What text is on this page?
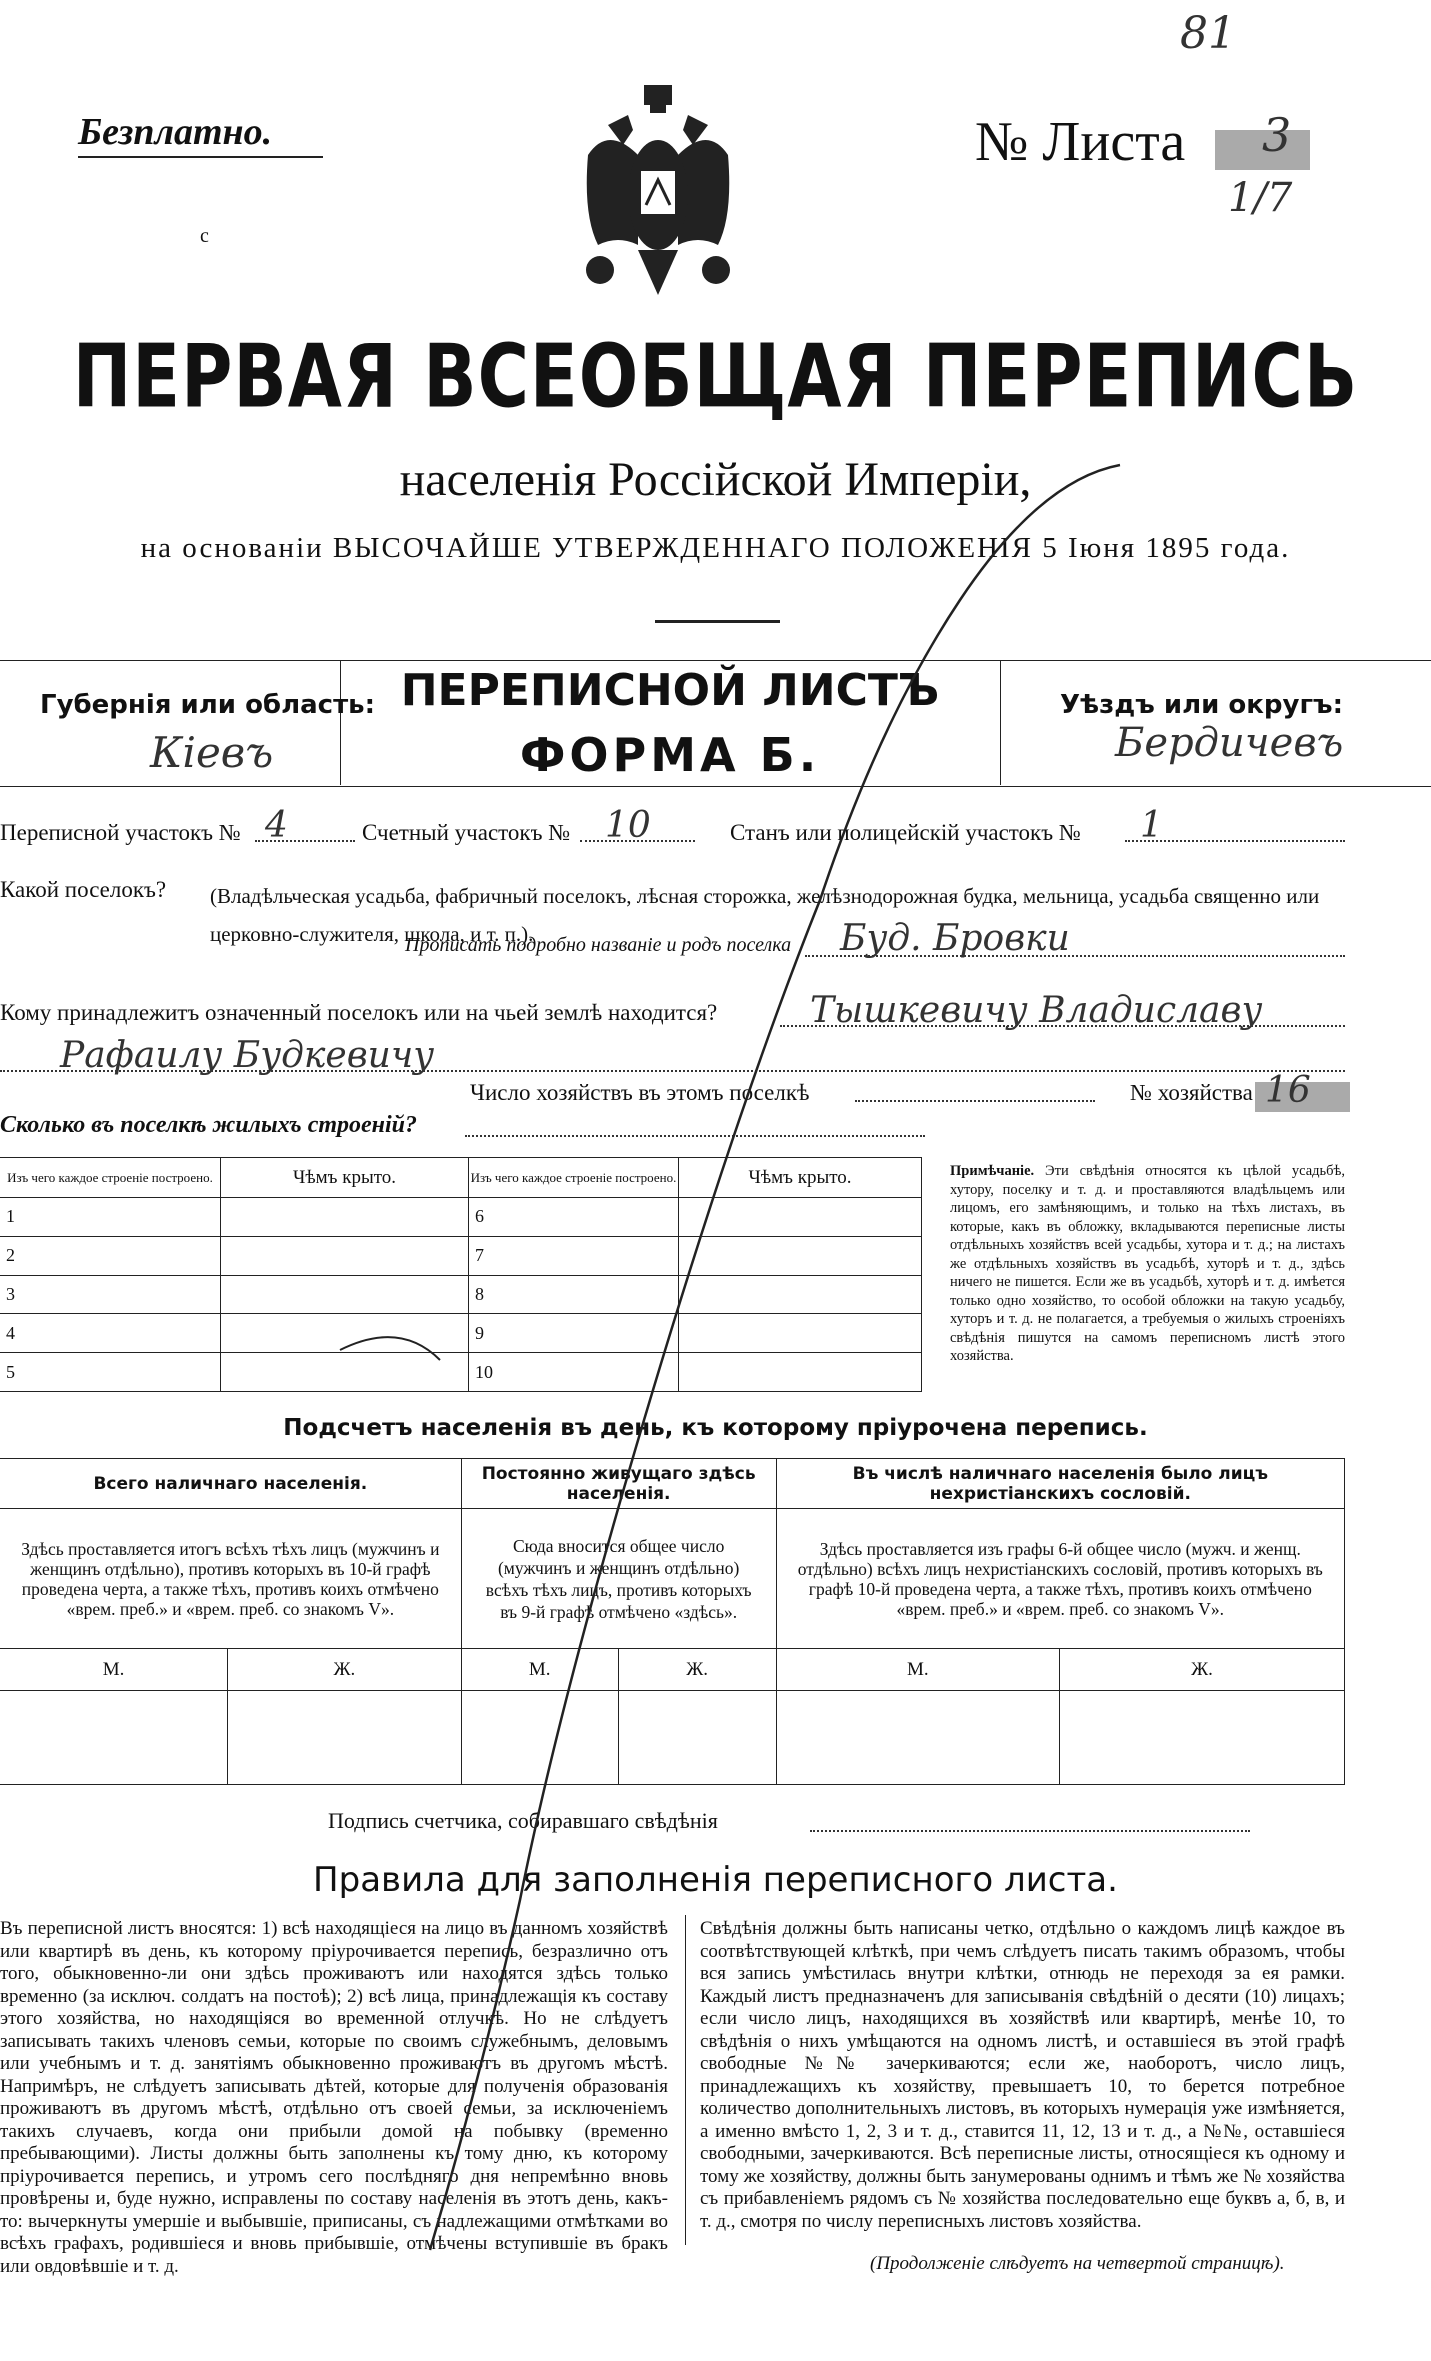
81
Безплатно.
с
№ Листа 3
1/7
ПЕРВАЯ ВСЕОБЩАЯ ПЕРЕПИСЬ
населенія Россійской Имперіи,
на основаніи ВЫСОЧАЙШЕ УТВЕРЖДЕННАГО ПОЛОЖЕНІЯ 5 Іюня 1895 года.
Губернія или область:
Кіевъ
ПЕРЕПИСНОЙ ЛИСТЪ
ФОРМА Б.
Уѣздъ или округъ:
Бердичевъ
Переписной участокъ № 4	Счетный участокъ № 10	Станъ или полицейскій участокъ № 1
Какой поселокъ? (Владѣльческая усадьба, фабричный поселокъ, лѣсная сторожка, желѣзнодорожная будка, мельница, усадьба священно или церковно-служителя, школа, и т. п.).
Прописать подробно названіе и родъ поселка Буд. Бровки
Кому принадлежитъ означенный поселокъ или на чьей землѣ находится?	Тышкевичу Владиславу
Рафаилу Будкевичу
Число хозяйствъ въ этомъ поселкѣ	№ хозяйства 16
Сколько въ поселкѣ жилыхъ строеній?
Изъ чего каждое строеніе построено.	Чѣмъ крыто.	Изъ чего каждое строеніе построено.	Чѣмъ крыто.
1		6	
2		7	
3		8	
4		9	
5		10	
Примѣчаніе. Эти свѣдѣнія относятся къ цѣлой усадьбѣ, хутору, поселку и т. д. и проставляются владѣльцемъ или лицомъ, его замѣняющимъ, и только на тѣхъ листахъ, въ которые, какъ въ обложку, вкладываются переписные листы отдѣльныхъ хозяйствъ всей усадьбы, хутора и т. д.; на листахъ же отдѣльныхъ хозяйствъ въ усадьбѣ, хуторѣ и т. д., здѣсь ничего не пишется. Если же въ усадьбѣ, хуторѣ и т. д. имѣется только одно хозяйство, то особой обложки на такую усадьбу, хуторъ и т. д. не полагается, а требуемыя о жилыхъ строеніяхъ свѣдѣнія пишутся на самомъ переписномъ листѣ этого хозяйства.
Подсчетъ населенія въ день, къ которому пріурочена перепись.
Всего наличнаго населенія.		Постоянно живущаго здѣсь населенія.		Въ числѣ наличнаго населенія было лицъ нехристіанскихъ сословій.	
Здѣсь проставляется итогъ всѣхъ тѣхъ лицъ (мужчинъ и женщинъ отдѣльно), противъ которыхъ въ 10-й графѣ проведена черта, а также тѣхъ, противъ коихъ отмѣчено «врем. преб.» и «врем. преб. со знакомъ V».		Сюда вносится общее число (мужчинъ и женщинъ отдѣльно) всѣхъ тѣхъ лицъ, противъ которыхъ въ 9-й графѣ отмѣчено «здѣсь».		Здѣсь проставляется изъ графы 6-й общее число (мужч. и женщ. отдѣльно) всѣхъ лицъ нехристіанскихъ сословій, противъ которыхъ въ графѣ 10-й проведена черта, а также тѣхъ, противъ коихъ отмѣчено «врем. преб.» и «врем. преб. со знакомъ V».	
М.	Ж.	М.	Ж.	М.	Ж.

Подпись счетчика, собиравшаго свѣдѣнія
Правила для заполненія переписного листа.
Въ переписной листъ вносятся: 1) всѣ находящіеся на лицо въ данномъ хозяйствѣ или квартирѣ въ день, къ которому пріурочивается перепись, безразлично отъ того, обыкновенно-ли они здѣсь проживаютъ или находятся здѣсь только временно (за исключ. солдатъ на постоѣ); 2) всѣ лица, принадлежащія къ составу этого хозяйства, но находящіяся во временной отлучкѣ. Но не слѣдуетъ записывать такихъ членовъ семьи, которые по своимъ служебнымъ, деловымъ или учебнымъ и т. д. занятіямъ обыкновенно проживаютъ въ другомъ мѣстѣ. Напримѣръ, не слѣдуетъ записывать дѣтей, которые для полученія образованія проживаютъ въ другомъ мѣстѣ, отдѣльно отъ своей семьи, за исключеніемъ такихъ случаевъ, когда они прибыли домой на побывку (временно пребывающими). Листы должны быть заполнены къ тому дню, къ которому пріурочивается перепись, и утромъ сего послѣдняго дня непремѣнно вновь провѣрены и, буде нужно, исправлены по составу населенія въ этотъ день, какъ-то: вычеркнуты умершіе и выбывшіе, приписаны, съ надлежащими отмѣтками во всѣхъ графахъ, родившіеся и вновь прибывшіе, отмѣчены вступившіе въ бракъ или овдовѣвшіе и т. д.
Свѣдѣнія должны быть написаны четко, отдѣльно о каждомъ лицѣ каждое въ соотвѣтствующей клѣткѣ, при чемъ слѣдуетъ писать такимъ образомъ, чтобы вся запись умѣстилась внутри клѣтки, отнюдь не переходя за ея рамки. Каждый листъ предназначенъ для записыванія свѣдѣній о десяти (10) лицахъ; если число лицъ, находящихся въ хозяйствѣ или квартирѣ, менѣе 10, то свѣдѣнія о нихъ умѣщаются на одномъ листѣ, и оставшіеся въ этой графѣ свободные №№ зачеркиваются; если же, наоборотъ, число лицъ, принадлежащихъ къ хозяйству, превышаетъ 10, то берется потребное количество дополнительныхъ листовъ, въ которыхъ нумерація уже измѣняется, а именно вмѣсто 1, 2, 3 и т. д., ставится 11, 12, 13 и т. д., а №№, оставшіеся свободными, зачеркиваются. Всѣ переписные листы, относящіеся къ одному и тому же хозяйству, должны быть занумерованы однимъ и тѣмъ же № хозяйства съ прибавленіемъ рядомъ съ № хозяйства последовательно еще буквъ а, б, в, и т. д., смотря по числу переписныхъ листовъ хозяйства.
(Продолженіе слѣдуетъ на четвертой страницѣ).
